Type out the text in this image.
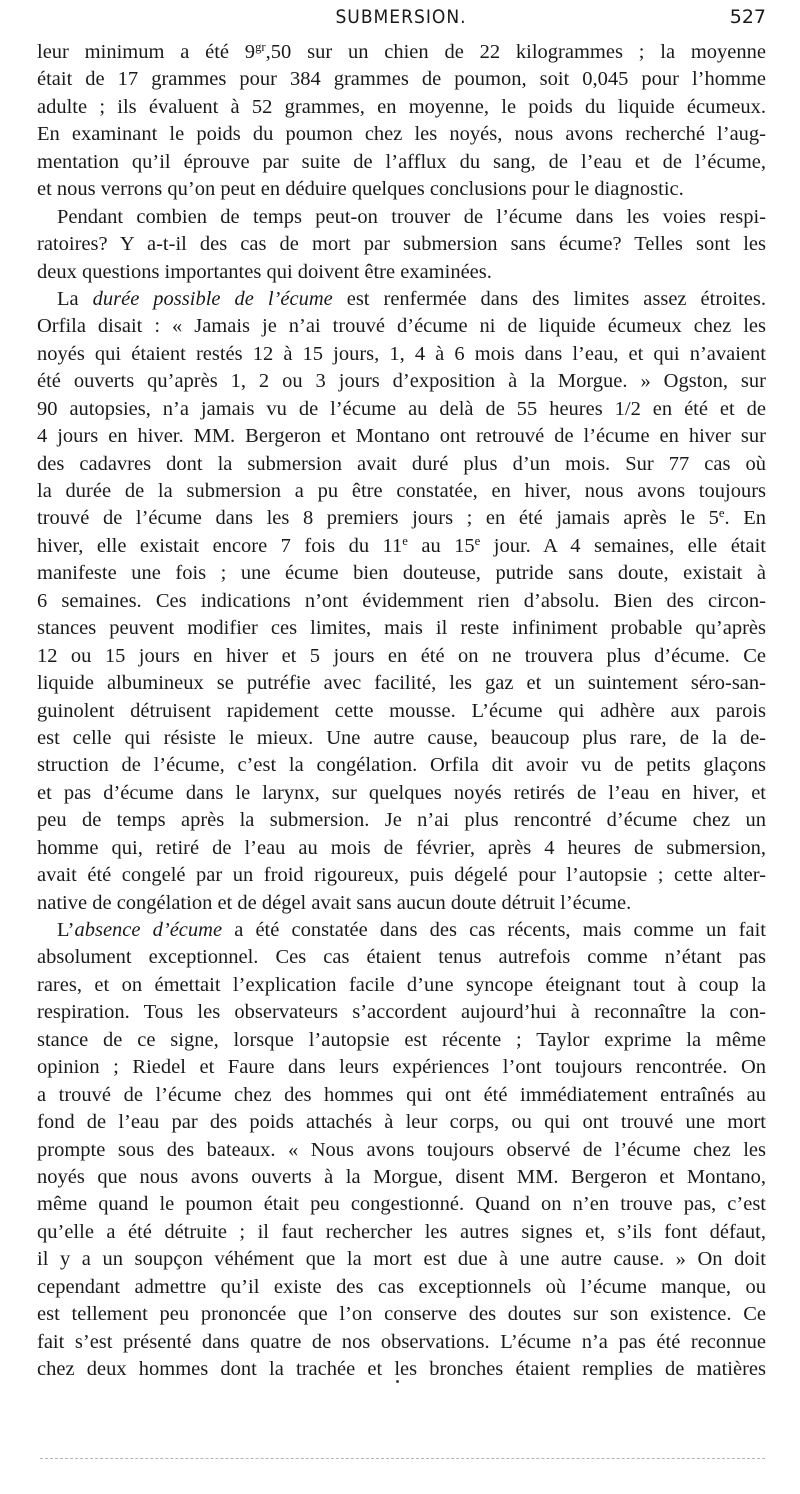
SUBMERSION.	527
leur minimum a été $9^{gr},50$ sur un chien de 22 kilogrammes ; la moyenne
était de 17 grammes pour 384 grammes de poumon, soit 0,045 pour l’homme
adulte ; ils évaluent à 52 grammes, en moyenne, le poids du liquide écumeux.
En examinant le poids du poumon chez les noyés, nous avons recherché l’aug-
mentation qu’il éprouve par suite de l’afflux du sang, de l’eau et de l’écume,
et nous verrons qu’on peut en déduire quelques conclusions pour le diagnostic.
Pendant combien de temps peut-on trouver de l’écume dans les voies respi-
ratoires? Y a-t-il des cas de mort par submersion sans écume? Telles sont les
deux questions importantes qui doivent être examinées.
La durée possible de l’écume est renfermée dans des limites assez étroites.
Orfila disait : « Jamais je n’ai trouvé d’écume ni de liquide écumeux chez les
noyés qui étaient restés 12 à 15 jours, 1, 4 à 6 mois dans l’eau, et qui n’avaient
été ouverts qu’après 1, 2 ou 3 jours d’exposition à la Morgue. » Ogston, sur
90 autopsies, n’a jamais vu de l’écume au delà de 55 heures 1/2 en été et de
4 jours en hiver. MM. Bergeron et Montano ont retrouvé de l’écume en hiver sur
des cadavres dont la submersion avait duré plus d’un mois. Sur 77 cas où
la durée de la submersion a pu être constatée, en hiver, nous avons toujours
trouvé de l’écume dans les 8 premiers jours ; en été jamais après le 5e. En
hiver, elle existait encore 7 fois du 11e au 15e jour. A 4 semaines, elle était
manifeste une fois ; une écume bien douteuse, putride sans doute, existait à
6 semaines. Ces indications n’ont évidemment rien d’absolu. Bien des circon-
stances peuvent modifier ces limites, mais il reste infiniment probable qu’après
12 ou 15 jours en hiver et 5 jours en été on ne trouvera plus d’écume. Ce
liquide albumineux se putréfie avec facilité, les gaz et un suintement séro-san-
guinolent détruisent rapidement cette mousse. L’écume qui adhère aux parois
est celle qui résiste le mieux. Une autre cause, beaucoup plus rare, de la de-
struction de l’écume, c’est la congélation. Orfila dit avoir vu de petits glaçons
et pas d’écume dans le larynx, sur quelques noyés retirés de l’eau en hiver, et
peu de temps après la submersion. Je n’ai plus rencontré d’écume chez un
homme qui, retiré de l’eau au mois de février, après 4 heures de submersion,
avait été congelé par un froid rigoureux, puis dégelé pour l’autopsie ; cette alter-
native de congélation et de dégel avait sans aucun doute détruit l’écume.
L’absence d’écume a été constatée dans des cas récents, mais comme un fait
absolument exceptionnel. Ces cas étaient tenus autrefois comme n’étant pas
rares, et on émettait l’explication facile d’une syncope éteignant tout à coup la
respiration. Tous les observateurs s’accordent aujourd’hui à reconnaître la con-
stance de ce signe, lorsque l’autopsie est récente ; Taylor exprime la même
opinion ; Riedel et Faure dans leurs expériences l’ont toujours rencontrée. On
a trouvé de l’écume chez des hommes qui ont été immédiatement entraînés au
fond de l’eau par des poids attachés à leur corps, ou qui ont trouvé une mort
prompte sous des bateaux. « Nous avons toujours observé de l’écume chez les
noyés que nous avons ouverts à la Morgue, disent MM. Bergeron et Montano,
même quand le poumon était peu congestionné. Quand on n’en trouve pas, c’est
qu’elle a été détruite ; il faut rechercher les autres signes et, s’ils font défaut,
il y a un soupçon véhément que la mort est due à une autre cause. » On doit
cependant admettre qu’il existe des cas exceptionnels où l’écume manque, ou
est tellement peu prononcée que l’on conserve des doutes sur son existence. Ce
fait s’est présenté dans quatre de nos observations. L’écume n’a pas été reconnue
chez deux hommes dont la trachée et les bronches étaient remplies de matières
